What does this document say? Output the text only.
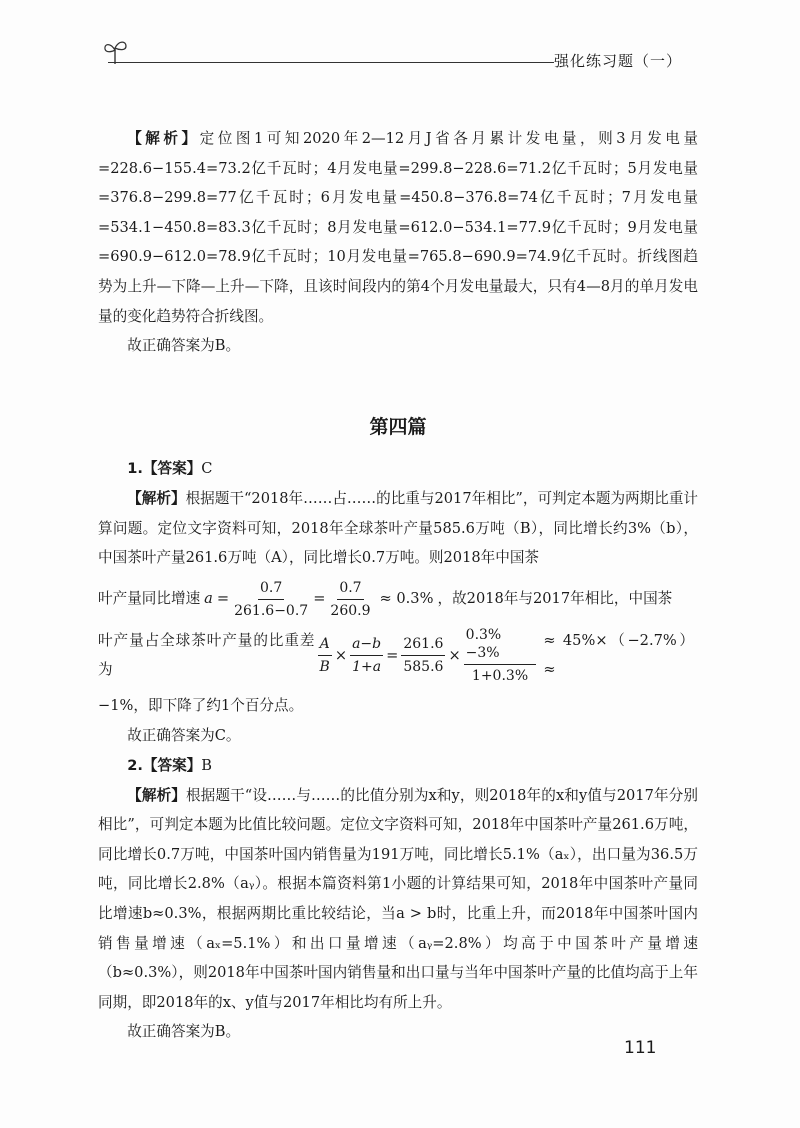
强化练习题（一）

【解析】定位图1可知2020年2—12月J省各月累计发电量，则3月发电量=228.6−155.4=73.2亿千瓦时；4月发电量=299.8−228.6=71.2亿千瓦时；5月发电量=376.8−299.8=77亿千瓦时；6月发电量=450.8−376.8=74亿千瓦时；7月发电量=534.1−450.8=83.3亿千瓦时；8月发电量=612.0−534.1=77.9亿千瓦时；9月发电量=690.9−612.0=78.9亿千瓦时；10月发电量=765.8−690.9=74.9亿千瓦时。折线图趋势为上升—下降—上升—下降，且该时间段内的第4个月发电量最大，只有4—8月的单月发电量的变化趋势符合折线图。

故正确答案为B。

第四篇

1.【答案】C

【解析】根据题干“2018年……占……的比重与2017年相比”，可判定本题为两期比重计算问题。定位文字资料可知，2018年全球茶叶产量585.6万吨（B），同比增长约3%（b），中国茶叶产量261.6万吨（A），同比增长0.7万吨。则2018年中国茶

叶产量同比增速 $a = \frac{0.7}{261.6-0.7} = \frac{0.7}{260.9} \approx 0.3\%$ ，故2018年与2017年相比，中国茶
叶产量占全球茶叶产量的比重差为	$\frac{A}{B} \times \frac{a-b}{1+a} = \frac{261.6}{585.6} \times \frac{0.3\%-3\%}{1+0.3\%} \approx 45\%\times(-2.7\%)\approx$

−1%，即下降了约1个百分点。

故正确答案为C。

2.【答案】B

【解析】根据题干“设……与……的比值分别为x和y，则2018年的x和y值与2017年分别相比”，可判定本题为比值比较问题。定位文字资料可知，2018年中国茶叶产量261.6万吨，同比增长0.7万吨，中国茶叶国内销售量为191万吨，同比增长5.1%（aₓ），出口量为36.5万吨，同比增长2.8%（aᵧ）。根据本篇资料第1小题的计算结果可知，2018年中国茶叶产量同比增速b≈0.3%，根据两期比重比较结论，当a > b时，比重上升，而2018年中国茶叶国内销售量增速（aₓ=5.1%）和出口量增速（aᵧ=2.8%）均高于中国茶叶产量增速（b≈0.3%），则2018年中国茶叶国内销售量和出口量与当年中国茶叶产量的比值均高于上年同期，即2018年的x、y值与2017年相比均有所上升。

故正确答案为B。

111
